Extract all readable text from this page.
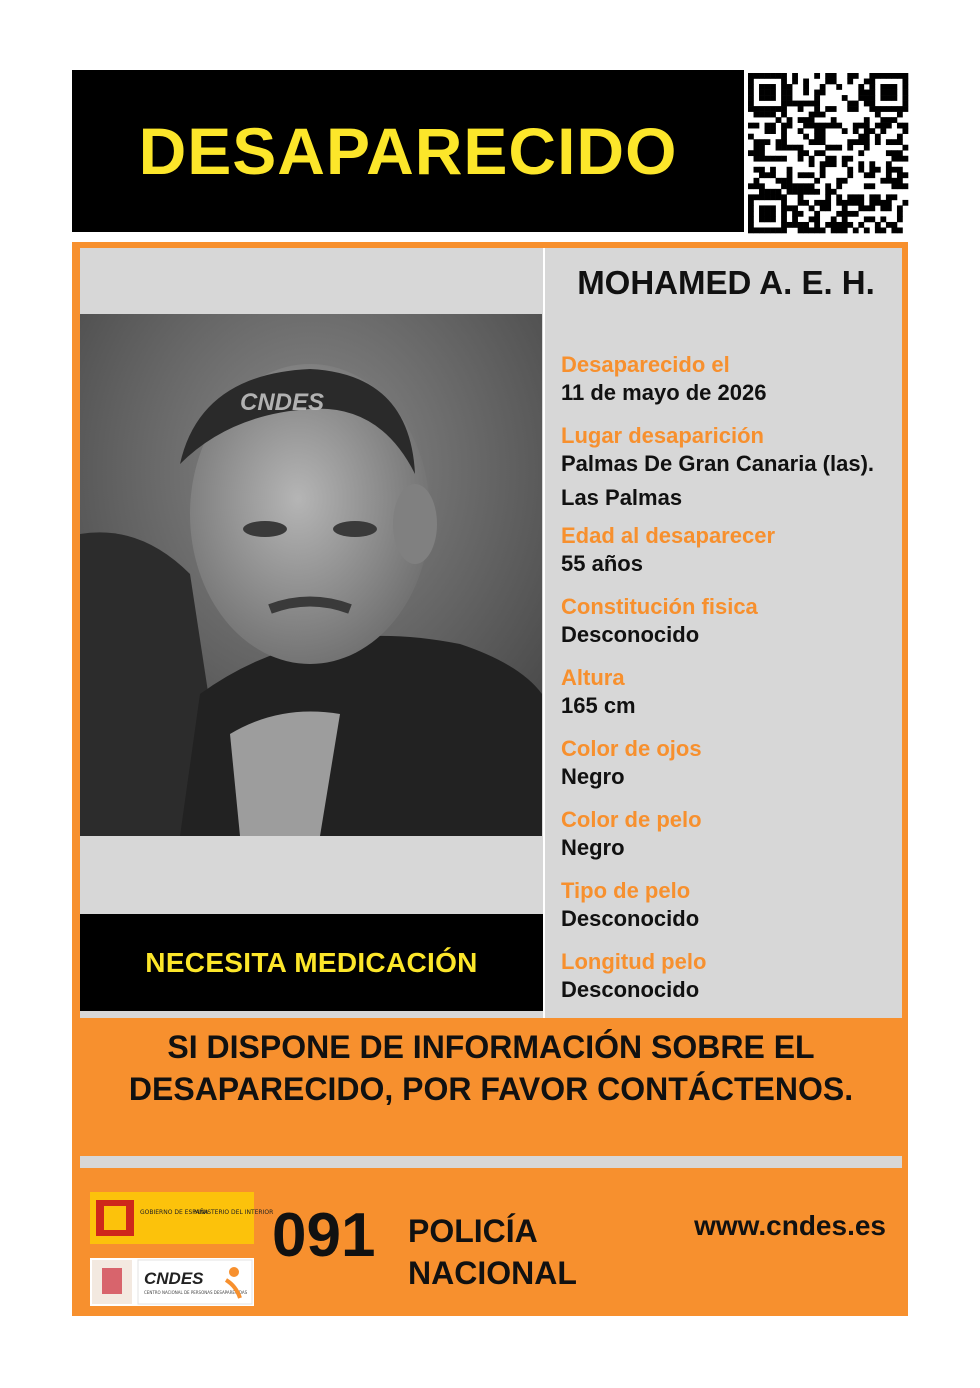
DESAPARECIDO
CNDES
MOHAMED A. E. H.
Desaparecido el
11 de mayo de 2026
Lugar desaparición
Palmas De Gran Canaria (las).
Las Palmas
Edad al desaparecer
55 años
Constitución fisica
Desconocido
Altura
165 cm
Color de ojos
Negro
Color de pelo
Negro
Tipo de pelo
Desconocido
Longitud pelo
Desconocido
NECESITA MEDICACIÓN
SI DISPONE DE INFORMACIÓN SOBRE EL
DESAPARECIDO, POR FAVOR CONTÁCTENOS.
GOBIERNO DE ESPAÑA
MINISTERIO DEL INTERIOR
CNDES
CENTRO NACIONAL DE PERSONAS DESAPARECIDAS
091 POLICÍA
NACIONAL
www.cndes.es
